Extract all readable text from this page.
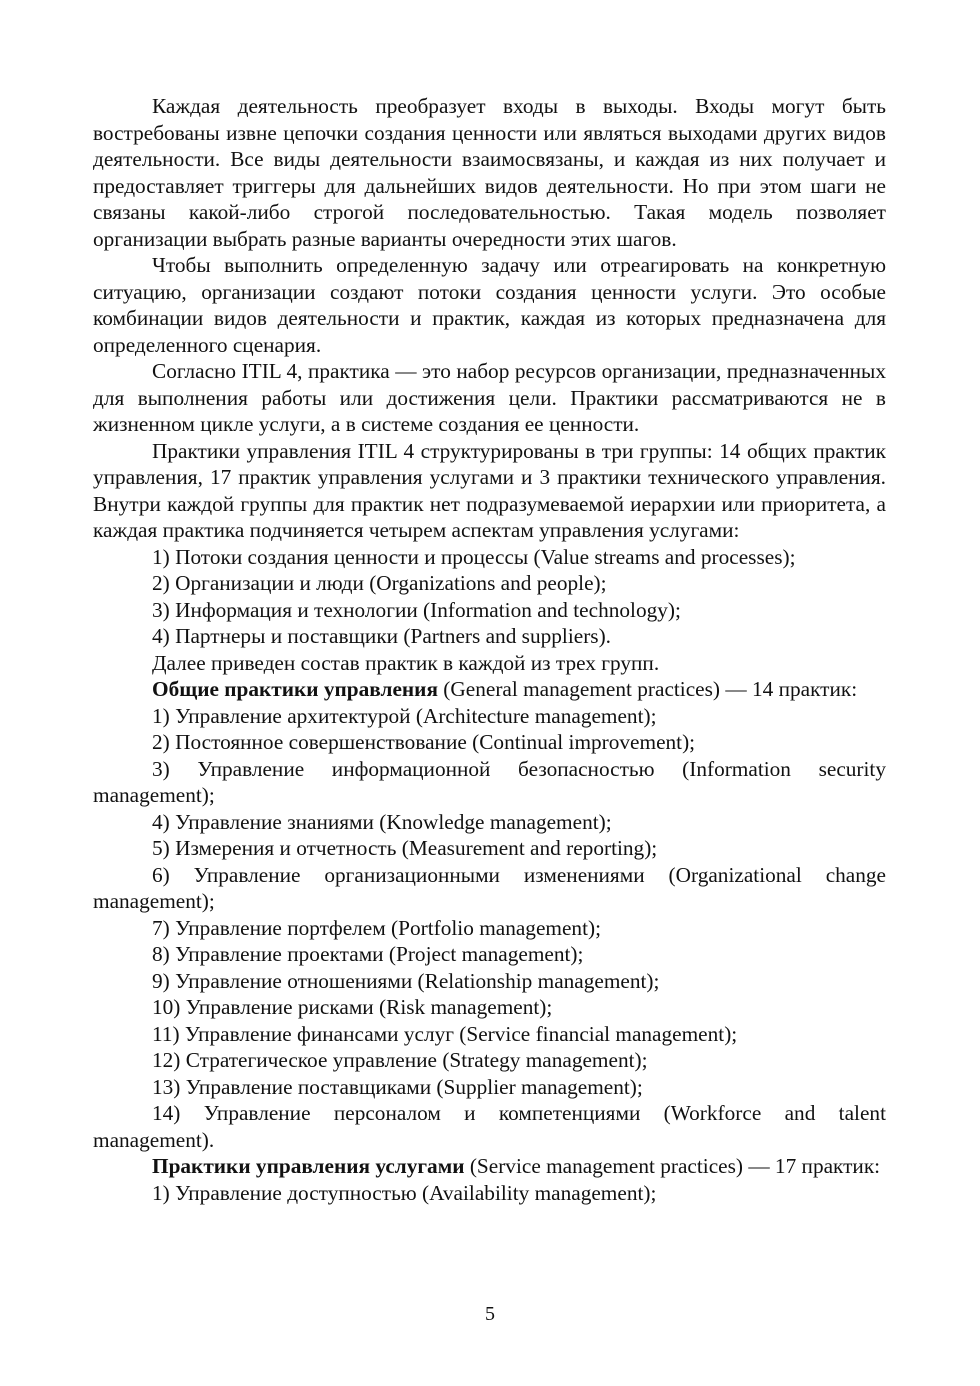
Каждая деятельность преобразует входы в выходы. Входы могут быть востребованы извне цепочки создания ценности или являться выходами других видов деятельности. Все виды деятельности взаимосвязаны, и каждая из них получает и предоставляет триггеры для дальнейших видов деятельности. Но при этом шаги не связаны какой-либо строгой последовательностью. Такая модель позволяет организации выбрать разные варианты очередности этих шагов.

Чтобы выполнить определенную задачу или отреагировать на конкретную ситуацию, организации создают потоки создания ценности услуги. Это особые комбинации видов деятельности и практик, каждая из которых предназначена для определенного сценария.

Согласно ITIL 4, практика — это набор ресурсов организации, предназначенных для выполнения работы или достижения цели. Практики рассматриваются не в жизненном цикле услуги, а в системе создания ее ценности.

Практики управления ITIL 4 структурированы в три группы: 14 общих практик управления, 17 практик управления услугами и 3 практики технического управления. Внутри каждой группы для практик нет подразумеваемой иерархии или приоритета, а каждая практика подчиняется четырем аспектам управления услугами:

1) Потоки создания ценности и процессы (Value streams and processes);

2) Организации и люди (Organizations and people);

3) Информация и технологии (Information and technology);

4) Партнеры и поставщики (Partners and suppliers).

Далее приведен состав практик в каждой из трех групп.

Общие практики управления (General management practices) — 14 практик:

1) Управление архитектурой (Architecture management);

2) Постоянное совершенствование (Continual improvement);

3) Управление информационной безопасностью (Information security management);

4) Управление знаниями (Knowledge management);

5) Измерения и отчетность (Measurement and reporting);

6) Управление организационными изменениями (Organizational change management);

7) Управление портфелем (Portfolio management);

8) Управление проектами (Project management);

9) Управление отношениями (Relationship management);

10) Управление рисками (Risk management);

11) Управление финансами услуг (Service financial management);

12) Стратегическое управление (Strategy management);

13) Управление поставщиками (Supplier management);

14) Управление персоналом и компетенциями (Workforce and talent management).

Практики управления услугами (Service management practices) — 17 практик:

1) Управление доступностью (Availability management);

5
